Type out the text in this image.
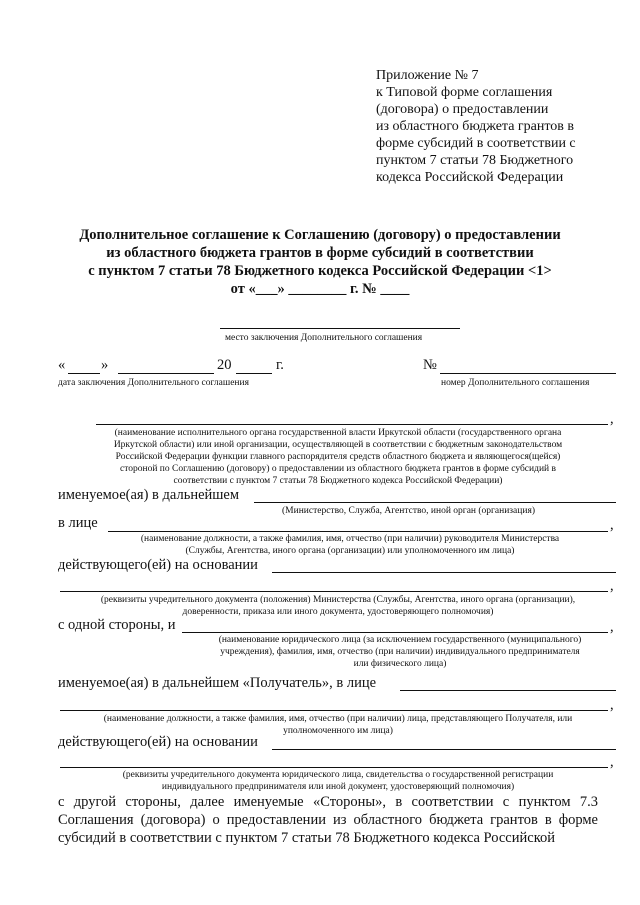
Приложение № 7
к Типовой форме соглашения
(договора) о предоставлении
из областного бюджета грантов в
форме субсидий в соответствии с
пунктом 7 статьи 78 Бюджетного
кодекса Российской Федерации
Дополнительное соглашение к Соглашению (договору) о предоставлении
из областного бюджета грантов в форме субсидий в соответствии
с пунктом 7 статьи 78 Бюджетного кодекса Российской Федерации <1>
от «___» ________ г. № ____
место заключения Дополнительного соглашения
« »	20	г.	№
дата заключения Дополнительного соглашения	номер Дополнительного соглашения
,
(наименование исполнительного органа государственной власти Иркутской области (государственного органа
Иркутской области) или иной организации, осуществляющей в соответствии с бюджетным законодательством
Российской Федерации функции главного распорядителя средств областного бюджета и являющегося(щейся)
стороной по Соглашению (договору) о предоставлении из областного бюджета грантов в форме субсидий в
соответствии с пунктом 7 статьи 78 Бюджетного кодекса Российской Федерации)
именуемое(ая) в дальнейшем
(Министерство, Служба, Агентство, иной орган (организация)
в лице	,
(наименование должности, а также фамилия, имя, отчество (при наличии) руководителя Министерства
(Службы, Агентства, иного органа (организации) или уполномоченного им лица)
действующего(ей) на основании
,
(реквизиты учредительного документа (положения) Министерства (Службы, Агентства, иного органа (организации),
доверенности, приказа или иного документа, удостоверяющего полномочия)
с одной стороны, и	,
(наименование юридического лица (за исключением государственного (муниципального)
учреждения), фамилия, имя, отчество (при наличии) индивидуального предпринимателя
или физического лица)
именуемое(ая) в дальнейшем «Получатель», в лице
,
(наименование должности, а также фамилия, имя, отчество (при наличии) лица, представляющего Получателя, или
уполномоченного им лица)
действующего(ей) на основании
,
(реквизиты учредительного документа юридического лица, свидетельства о государственной регистрации
индивидуального предпринимателя или иной документ, удостоверяющий полномочия)
с другой стороны, далее именуемые «Стороны», в соответствии с пунктом 7.3 Соглашения (договора) о предоставлении из областного бюджета грантов в форме субсидий в соответствии с пунктом 7 статьи 78 Бюджетного кодекса Российской
